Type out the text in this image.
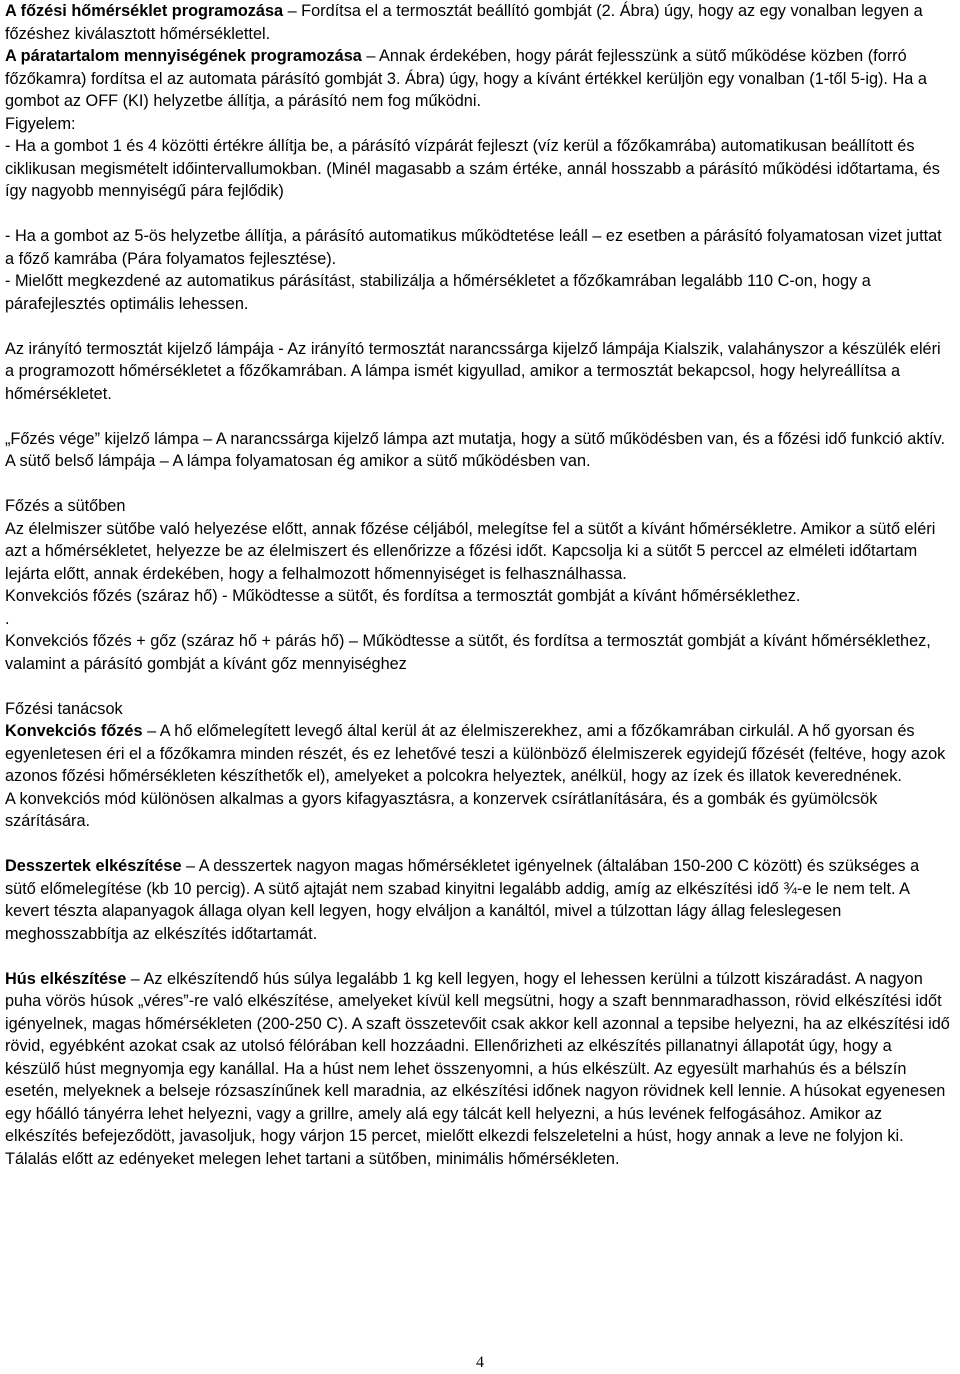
A főzési hőmérséklet programozása – Fordítsa el a termosztát beállító gombját (2. Ábra) úgy, hogy az egy vonalban legyen a főzéshez kiválasztott hőmérséklettel.

A páratartalom mennyiségének programozása – Annak érdekében, hogy párát fejlesszünk a sütő működése közben (forró főzőkamra) fordítsa el az automata párásító gombját 3. Ábra) úgy, hogy a kívánt értékkel kerüljön egy vonalban (1-től 5-ig). Ha a gombot az OFF (KI) helyzetbe állítja, a párásító nem fog működni.

Figyelem:

- Ha a gombot 1 és 4 közötti értékre állítja be, a párásító vízpárát fejleszt (víz kerül a főzőkamrába) automatikusan beállított és ciklikusan megismételt időintervallumokban. (Minél magasabb a szám értéke, annál hosszabb a párásító működési időtartama, és így nagyobb mennyiségű pára fejlődik)

- Ha a gombot az 5-ös helyzetbe állítja, a párásító automatikus működtetése leáll – ez esetben a párásító folyamatosan vizet juttat a főző kamrába (Pára folyamatos fejlesztése).

- Mielőtt megkezdené az automatikus párásítást, stabilizálja a hőmérsékletet a főzőkamrában legalább 110 C-on, hogy a párafejlesztés optimális lehessen.

Az irányító termosztát kijelző lámpája - Az irányító termosztát narancssárga kijelző lámpája Kialszik, valahányszor a készülék eléri a programozott hőmérsékletet a főzőkamrában. A lámpa ismét kigyullad, amikor a termosztát bekapcsol, hogy helyreállítsa a hőmérsékletet.

„Főzés vége” kijelző lámpa – A narancssárga kijelző lámpa azt mutatja, hogy a sütő működésben van, és a főzési idő funkció aktív.

A sütő belső lámpája – A lámpa folyamatosan ég amikor a sütő működésben van.

Főzés a sütőben

Az élelmiszer sütőbe való helyezése előtt, annak főzése céljából, melegítse fel a sütőt a kívánt hőmérsékletre. Amikor a sütő eléri azt a hőmérsékletet, helyezze be az élelmiszert és ellenőrizze a főzési időt. Kapcsolja ki a sütőt 5 perccel az elméleti időtartam lejárta előtt, annak érdekében, hogy a felhalmozott hőmennyiséget is felhasználhassa.

Konvekciós főzés (száraz hő) - Működtesse a sütőt, és fordítsa a termosztát gombját a kívánt hőmérséklethez.

.

Konvekciós főzés + gőz (száraz hő + párás hő) – Működtesse a sütőt, és fordítsa a termosztát gombját a kívánt hőmérséklethez, valamint a párásító gombját a kívánt gőz mennyiséghez

Főzési tanácsok

Konvekciós főzés – A hő előmelegített levegő által kerül át az élelmiszerekhez, ami a főzőkamrában cirkulál. A hő gyorsan és egyenletesen éri el a főzőkamra minden részét, és ez lehetővé teszi a különböző élelmiszerek egyidejű főzését (feltéve, hogy azok azonos főzési hőmérsékleten készíthetők el), amelyeket a polcokra helyeztek, anélkül, hogy az ízek és illatok keverednének.

A konvekciós mód különösen alkalmas a gyors kifagyasztásra, a konzervek csírátlanítására, és a gombák és gyümölcsök szárítására.

Desszertek elkészítése – A desszertek nagyon magas hőmérsékletet igényelnek (általában 150-200 C között) és szükséges a sütő előmelegítése (kb 10 percig). A sütő ajtaját nem szabad kinyitni legalább addig, amíg az elkészítési idő ¾-e le nem telt. A kevert tészta alapanyagok állaga olyan kell legyen, hogy elváljon a kanáltól, mivel a túlzottan lágy állag feleslegesen meghosszabbítja az elkészítés időtartamát.

Hús elkészítése – Az elkészítendő hús súlya legalább 1 kg kell legyen, hogy el lehessen kerülni a túlzott kiszáradást. A nagyon puha vörös húsok „véres”-re való elkészítése, amelyeket kívül kell megsütni, hogy a szaft bennmaradhasson, rövid elkészítési időt igényelnek, magas hőmérsékleten (200-250 C). A szaft összetevőit csak akkor kell azonnal a tepsibe helyezni, ha az elkészítési idő rövid, egyébként azokat csak az utolsó félórában kell hozzáadni. Ellenőrizheti az elkészítés pillanatnyi állapotát úgy, hogy a készülő húst megnyomja egy kanállal. Ha a húst nem lehet összenyomni, a hús elkészült. Az egyesült marhahús és a bélszín esetén, melyeknek a belseje rózsaszínűnek kell maradnia, az elkészítési időnek nagyon rövidnek kell lennie. A húsokat egyenesen egy hőálló tányérra lehet helyezni, vagy a grillre, amely alá egy tálcát kell helyezni, a hús levének felfogásához. Amikor az elkészítés befejeződött, javasoljuk, hogy várjon 15 percet, mielőtt elkezdi felszeletelni a húst, hogy annak a leve ne folyjon ki.

Tálalás előtt az edényeket melegen lehet tartani a sütőben, minimális hőmérsékleten.

4
